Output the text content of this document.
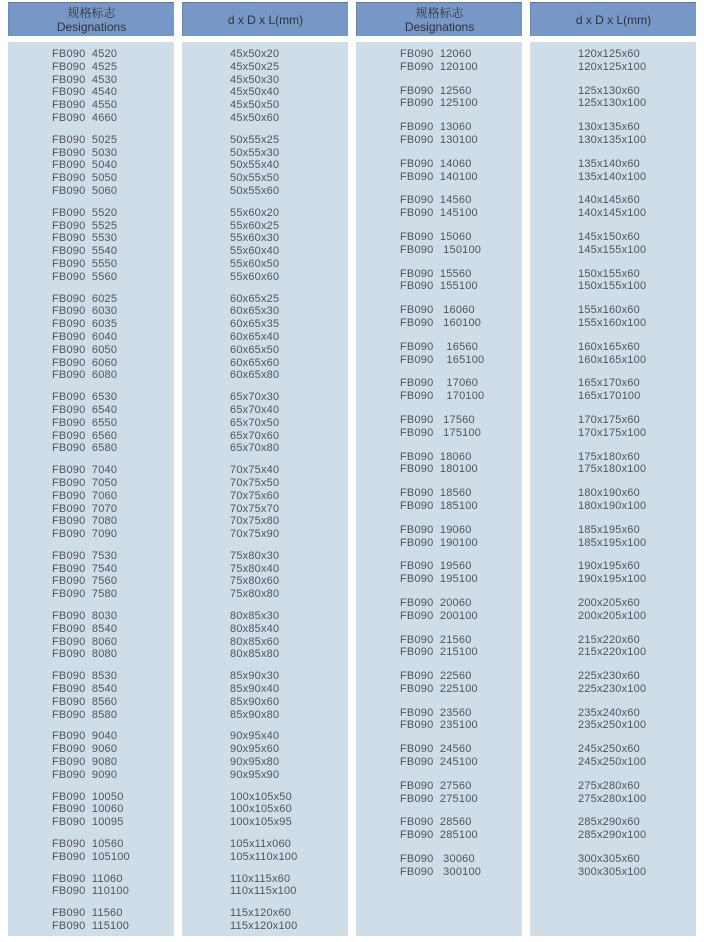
规格标志
Designations
FB090  4520
FB090  4525
FB090  4530
FB090  4540
FB090  4550
FB090  4660
FB090  5025
FB090  5030
FB090  5040
FB090  5050
FB090  5060
FB090  5520
FB090  5525
FB090  5530
FB090  5540
FB090  5550
FB090  5560
FB090  6025
FB090  6030
FB090  6035
FB090  6040
FB090  6050
FB090  6060
FB090  6080
FB090  6530
FB090  6540
FB090  6550
FB090  6560
FB090  6580
FB090  7040
FB090  7050
FB090  7060
FB090  7070
FB090  7080
FB090  7090
FB090  7530
FB090  7540
FB090  7560
FB090  7580
FB090  8030
FB090  8540
FB090  8060
FB090  8080
FB090  8530
FB090  8540
FB090  8560
FB090  8580
FB090  9040
FB090  9060
FB090  9080
FB090  9090
FB090  10050
FB090  10060
FB090  10095
FB090  10560
FB090  105100
FB090  11060
FB090  110100
FB090  11560
FB090  115100
d x D x L(mm)
45x50x20
45x50x25
45x50x30
45x50x40
45x50x50
45x50x60
50x55x25
50x55x30
50x55x40
50x55x50
50x55x60
55x60x20
55x60x25
55x60x30
55x60x40
55x60x50
55x60x60
60x65x25
60x65x30
60x65x35
60x65x40
60x65x50
60x65x60
60x65x80
65x70x30
65x70x40
65x70x50
65x70x60
65x70x80
70x75x40
70x75x50
70x75x60
70x75x70
70x75x80
70x75x90
75x80x30
75x80x40
75x80x60
75x80x80
80x85x30
80x85x40
80x85x60
80x85x80
85x90x30
85x90x40
85x90x60
85x90x80
90x95x40
90x95x60
90x95x80
90x95x90
100x105x50
100x105x60
100x105x95
105x11x060
105x110x100
110x115x60
110x115x100
115x120x60
115x120x100
规格标志
Designations
FB090  12060
FB090  120100
FB090  12560
FB090  125100
FB090  13060
FB090  130100
FB090  14060
FB090  140100
FB090  14560
FB090  145100
FB090  15060
FB090   150100
FB090  15560
FB090  155100
FB090   16060
FB090   160100
FB090    16560
FB090    165100
FB090    17060
FB090    170100
FB090   17560
FB090   175100
FB090  18060
FB090  180100
FB090  18560
FB090  185100
FB090  19060
FB090  190100
FB090  19560
FB090  195100
FB090  20060
FB090  200100
FB090  21560
FB090  215100
FB090  22560
FB090  225100
FB090  23560
FB090  235100
FB090  24560
FB090  245100
FB090  27560
FB090  275100
FB090  28560
FB090  285100
FB090   30060
FB090   300100
d x D x L(mm)
120x125x60
120x125x100
125x130x60
125x130x100
130x135x60
130x135x100
135x140x60
135x140x100
140x145x60
140x145x100
145x150x60
145x155x100
150x155x60
150x155x100
155x160x60
155x160x100
160x165x60
160x165x100
165x170x60
165x170100
170x175x60
170x175x100
175x180x60
175x180x100
180x190x60
180x190x100
185x195x60
185x195x100
190x195x60
190x195x100
200x205x60
200x205x100
215x220x60
215x220x100
225x230x60
225x230x100
235x240x60
235x250x100
245x250x60
245x250x100
275x280x60
275x280x100
285x290x60
285x290x100
300x305x60
300x305x100
